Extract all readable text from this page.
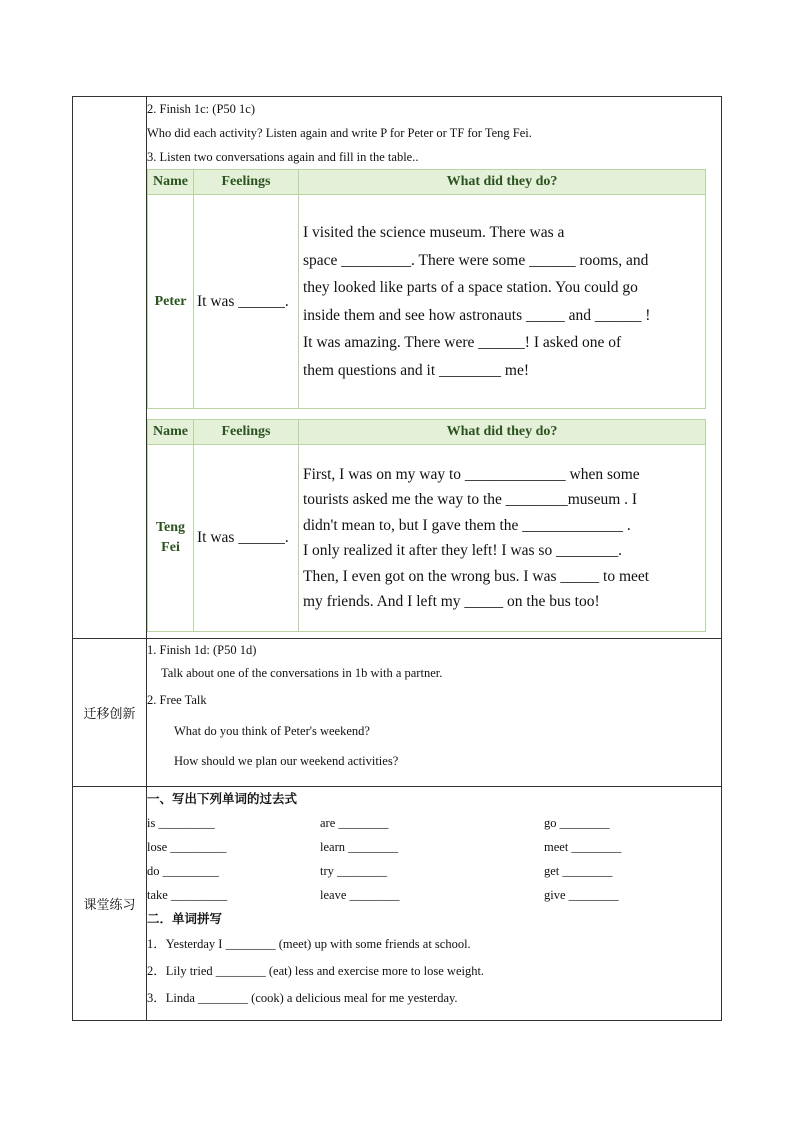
2. Finish 1c: (P50 1c)
Who did each activity? Listen again and write P for Peter or TF for Teng Fei.
3. Listen two conversations again and fill in the table..
Name	Feelings	What did they do?
Peter	It was ______.	
I visited the science museum. There was a
space _________. There were some ______ rooms, and
they looked like parts of a space station. You could go
inside them and see how astronauts _____ and ______ !
It was amazing. There were ______! I asked one of
them questions and it ________ me!
Name	Feelings	What did they do?

Teng
Fei
	It was ______.	
First, I was on my way to _____________ when some
tourists asked me the way to the ________museum . I
didn't mean to, but I gave them the _____________ .
I only realized it after they left! I was so ________.
Then, I even got on the wrong bus. I was _____ to meet
my friends. And I left my _____ on the bus too!

迁移创新	
1. Finish 1d: (P50 1d)
Talk about one of the conversations in 1b with a partner.
2. Free Talk
What do you think of Peter's weekend?
How should we plan our weekend activities?

课堂练习	
一、写出下列单词的过去式
is _________	are ________	go ________
lose _________	learn ________	meet ________
do _________	try ________	get ________
take _________	leave ________	give ________
二．单词拼写
1．Yesterday I ________ (meet) up with some friends at school.
2．Lily tried ________ (eat) less and exercise more to lose weight.
3．Linda ________ (cook) a delicious meal for me yesterday.
